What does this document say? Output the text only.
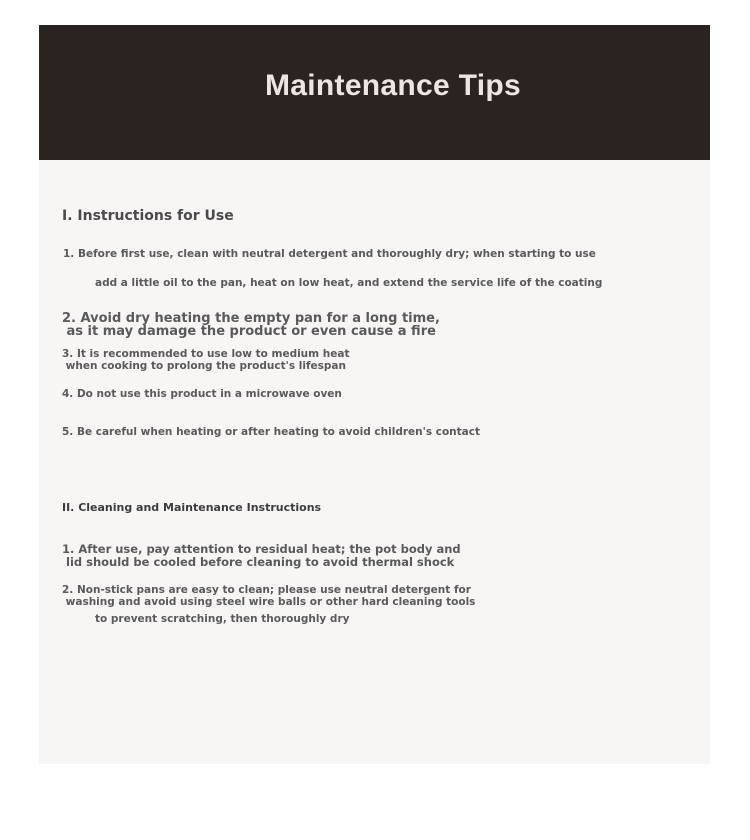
Maintenance Tips
I. Instructions for Use

1. Before first use, clean with neutral detergent and thoroughly dry; when starting to use

add a little oil to the pan, heat on low heat, and extend the service life of the coating

2. Avoid dry heating the empty pan for a long time,

as it may damage the product or even cause a fire

3. It is recommended to use low to medium heat

when cooking to prolong the product's lifespan

4. Do not use this product in a microwave oven

5. Be careful when heating or after heating to avoid children's contact

II. Cleaning and Maintenance Instructions

1. After use, pay attention to residual heat; the pot body and

lid should be cooled before cleaning to avoid thermal shock

2. Non-stick pans are easy to clean; please use neutral detergent for

washing and avoid using steel wire balls or other hard cleaning tools

to prevent scratching, then thoroughly dry
